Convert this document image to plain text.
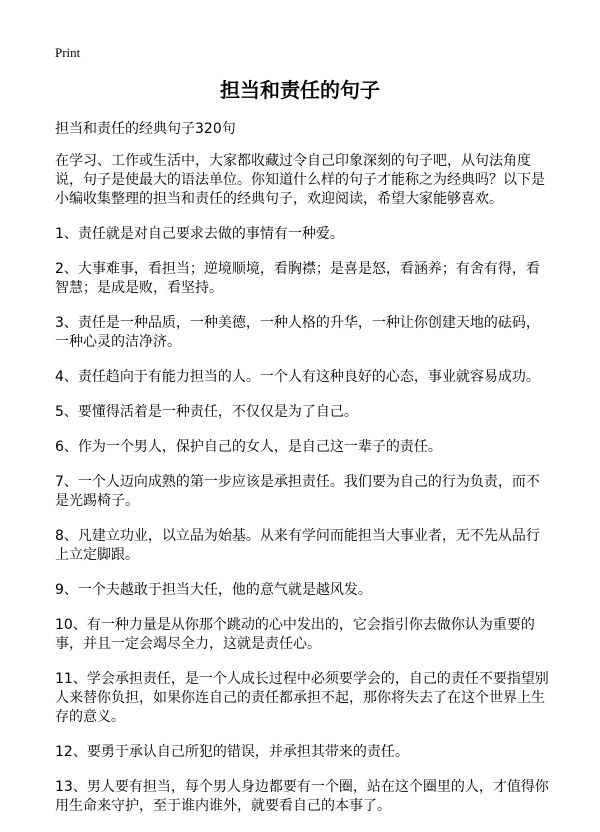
Print
担当和责任的句子

担当和责任的经典句子320句

在学习、工作或生活中，大家都收藏过令自己印象深刻的句子吧，从句法角度说，句子是使最大的语法单位。你知道什么样的句子才能称之为经典吗？以下是小编收集整理的担当和责任的经典句子，欢迎阅读，希望大家能够喜欢。

1、责任就是对自己要求去做的事情有一种爱。
2、大事难事，看担当；逆境顺境，看胸襟；是喜是怒，看涵养；有舍有得，看智慧；是成是败，看坚持。
3、责任是一种品质，一种美德，一种人格的升华，一种让你创建天地的砝码，一种心灵的洁净济。
4、责任趋向于有能力担当的人。一个人有这种良好的心态，事业就容易成功。
5、要懂得活着是一种责任，不仅仅是为了自己。
6、作为一个男人，保护自己的女人，是自己这一辈子的责任。
7、一个人迈向成熟的第一步应该是承担责任。我们要为自己的行为负责，而不是光踢椅子。
8、凡建立功业，以立品为始基。从来有学问而能担当大事业者，无不先从品行上立定脚跟。
9、一个夫越敢于担当大任，他的意气就是越风发。
10、有一种力量是从你那个跳动的心中发出的，它会指引你去做你认为重要的事，并且一定会竭尽全力，这就是责任心。
11、学会承担责任，是一个人成长过程中必须要学会的，自己的责任不要指望别人来替你负担，如果你连自己的责任都承担不起，那你将失去了在这个世界上生存的意义。
12、要勇于承认自己所犯的错误，并承担其带来的责任。
13、男人要有担当，每个男人身边都要有一个圈，站在这个圈里的人，才值得你用生命来守护，至于谁内谁外，就要看自己的本事了。
